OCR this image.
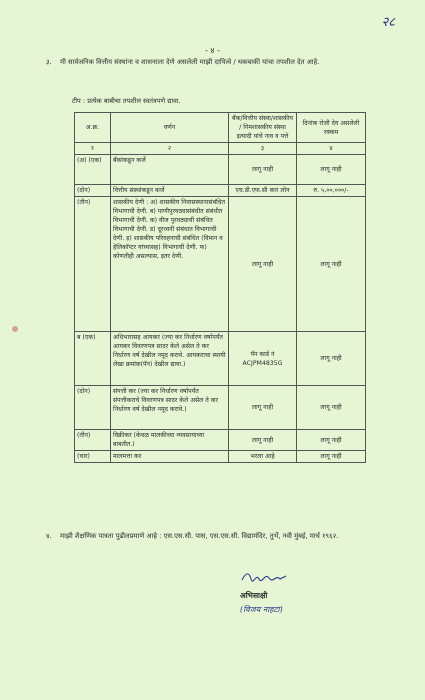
२८
- ४ -
३. मी सार्वजनिक वित्तीय संस्थांना व शासनाला देणे असलेली माझी दायित्वे / थकबाकी यांचा तपशील देत आहे.
टीप : प्रत्येक बाबीचा तपशील स्वतंत्रपणे द्यावा.
अ.क्र.	वर्णन	बँक/वित्तीय संस्था/शासकीय / निमशासकीय संस्था इत्यादी यांचे नाव व पत्ते	दिनांक रोजी देय असलेली रक्कम
१	२	३	४
(अ) (एक)	बँकांकडून कर्जे	लागू नाही	लागू नाही
(दोन)	वित्तीय संस्थांकडून कर्जे	एच.डी.एफ.सी कार लोन	रु. ५,००,०००/-
(तीन)	शासकीय देणी : अ) शासकीय निवासस्थानासंबंधित विभागाची देणी. ब) पाणीपुरवठ्यासंबंधीत संबंधीत विभागाची देणी. क) वीज पुरवठ्याची संबंधित विभागाची देणी. ड) दूरध्वनी संबंधात विभागाची देणी. इ) शासकीय परिवहनाची संबंधित (विमान व हेलिकॉप्टर यांच्यासह) विभागाची देणी. फ) कोणतीही असल्यास, इतर देणी.	लागू नाही	लागू नाही
ब (एक)	अधिभारासह आयकर (ज्या कर निर्धारण वर्षापर्यंत आयकर विवरणपत्र सादर केले असेल ते कर निर्धारण वर्ष देखील नमूद करावे. आयकराचा स्थायी लेखा क्रमांक(पॅन) देखील द्यावा.)	पॅन कार्ड नं ACJPM4835G	लागू नाही
(दोन)	संपत्ती कर (ज्या कर निर्धारण वर्षापर्यंत संपत्तीकराचे विवरणपत्र सादर केले असेल ते कर निर्धारण वर्ष देखील नमूद करावे.)	लागू नाही	लागू नाही
(तीन)	विक्रीकर (केवळ मालकीच्या व्यवसायाच्या बाबतीत.)	लागू नाही	लागू नाही
(चार)	मालमत्ता कर	भरला आहे	लागू नाही
४. माझी शैक्षणिक पात्रता पुढीलप्रमाणे आहे : एस.एस.सी. पास, एस.एस.सी. विद्यामंदिर, तुर्भे, नवी मुंबई, मार्च १९६२.
अभिसाक्षी
(विजय नाहटा)
